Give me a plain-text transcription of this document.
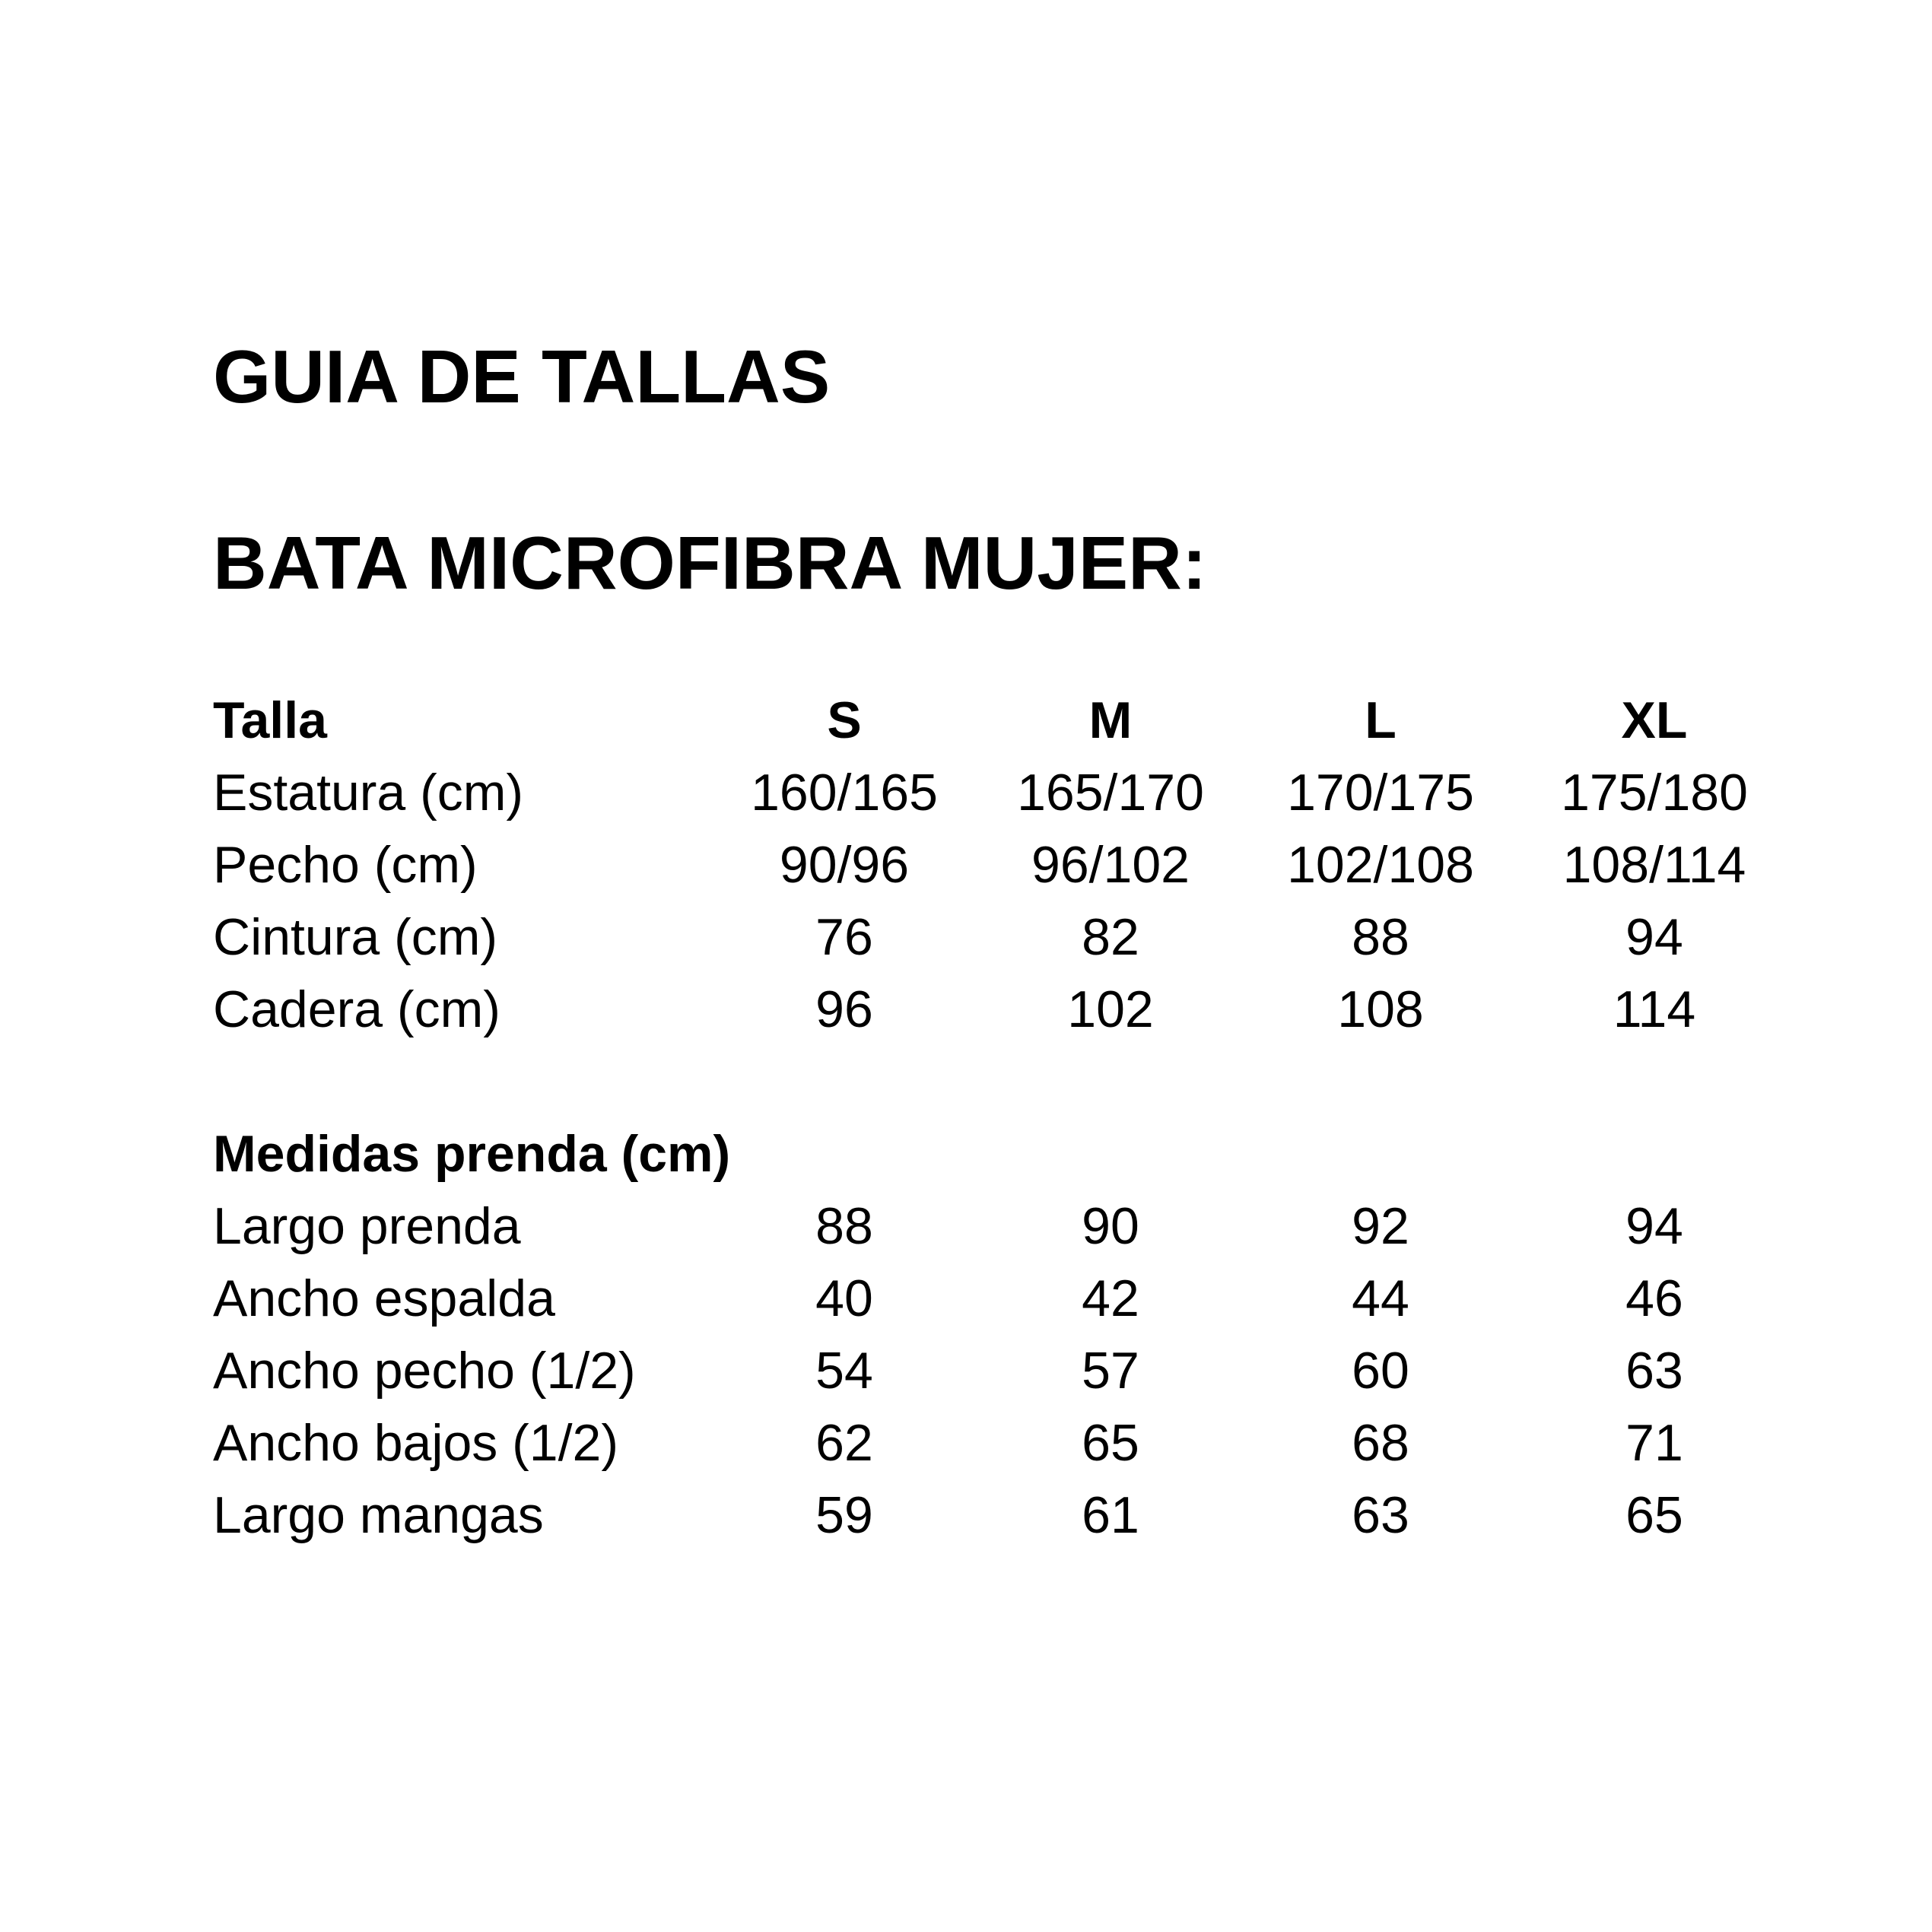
GUIA DE TALLAS
BATA MICROFIBRA MUJER:
Talla	S	M	L	XL
Estatura (cm)	160/165	165/170	170/175	175/180
Pecho (cm)	90/96	96/102	102/108	108/114
Cintura (cm)	76	82	88	94
Cadera (cm)	96	102	108	114
Medidas prenda (cm)
Largo prenda	88	90	92	94
Ancho espalda	40	42	44	46
Ancho pecho (1/2)	54	57	60	63
Ancho bajos (1/2)	62	65	68	71
Largo mangas	59	61	63	65
